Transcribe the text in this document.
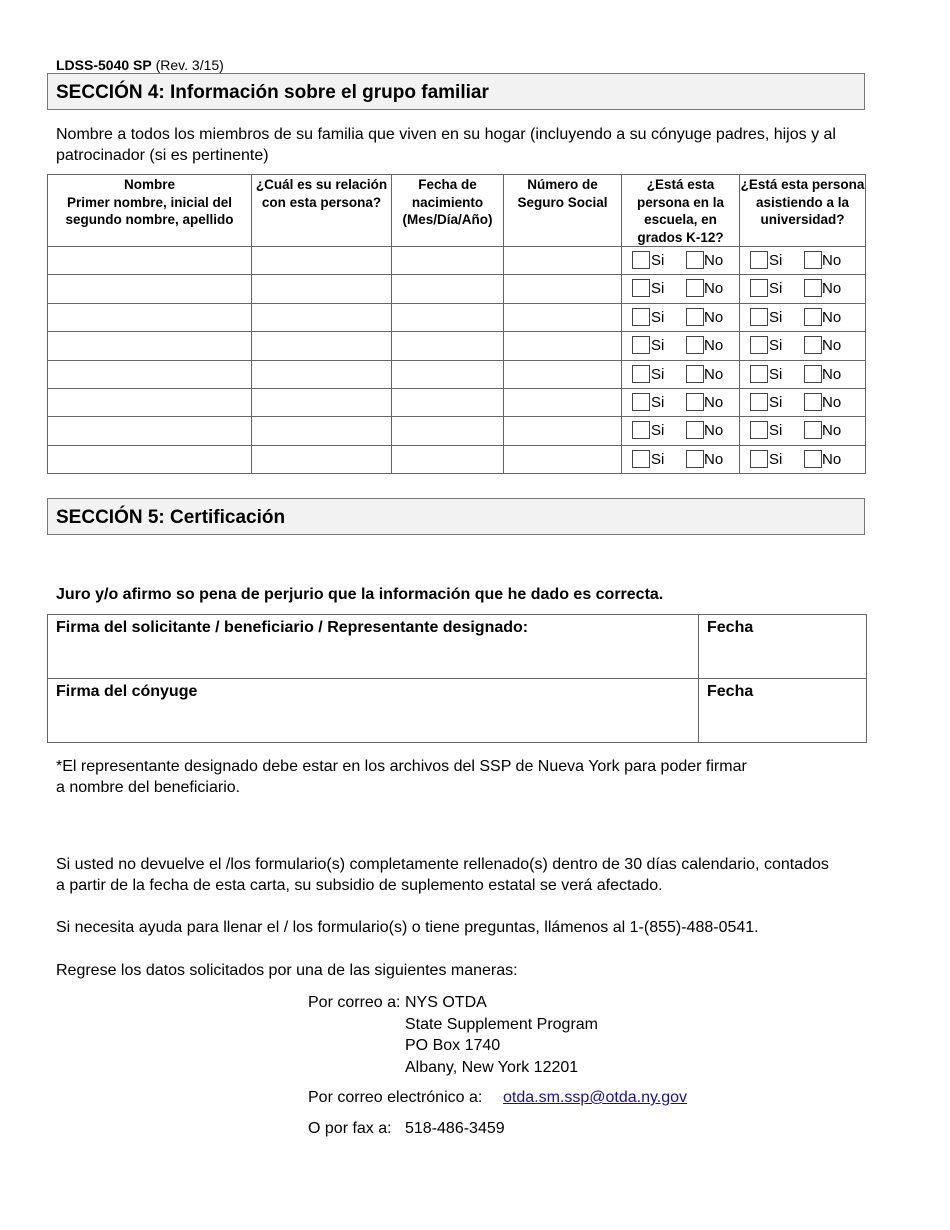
LDSS-5040 SP (Rev. 3/15)
SECCIÓN 4: Información sobre el grupo familiar
Nombre a todos los miembros de su familia que viven en su hogar (incluyendo a su cónyuge padres, hijos y al patrocinador (si es pertinente)
Nombre
Primer nombre, inicial del segundo nombre, apellido	¿Cuál es su relación con esta persona?	Fecha de nacimiento (Mes/Día/Año)	Número de Seguro Social	¿Está esta persona en la escuela, en grados K-12?	¿Está esta persona asistiendo a la universidad?

				Si No	Si No

				Si No	Si No

				Si No	Si No

				Si No	Si No

				Si No	Si No

				Si No	Si No

				Si No	Si No

				Si No	Si No
SECCIÓN 5: Certificación
Juro y/o afirmo so pena de perjurio que la información que he dado es correcta.
Firma del solicitante / beneficiario / Representante designado:	Fecha
Firma del cónyuge	Fecha
*El representante designado debe estar en los archivos del SSP de Nueva York para poder firmar a nombre del beneficiario.
Si usted no devuelve el /los formulario(s) completamente rellenado(s) dentro de 30 días calendario, contados a partir de la fecha de esta carta, su subsidio de suplemento estatal se verá afectado.
Si necesita ayuda para llenar el / los formulario(s) o tiene preguntas, llámenos al 1-(855)-488-0541.
Regrese los datos solicitados por una de las siguientes maneras:
Por correo a: NYS OTDA
State Supplement Program
PO Box 1740
Albany, New York 12201
Por correo electrónico a: otda.sm.ssp@otda.ny.gov
O por fax a: 518-486-3459
